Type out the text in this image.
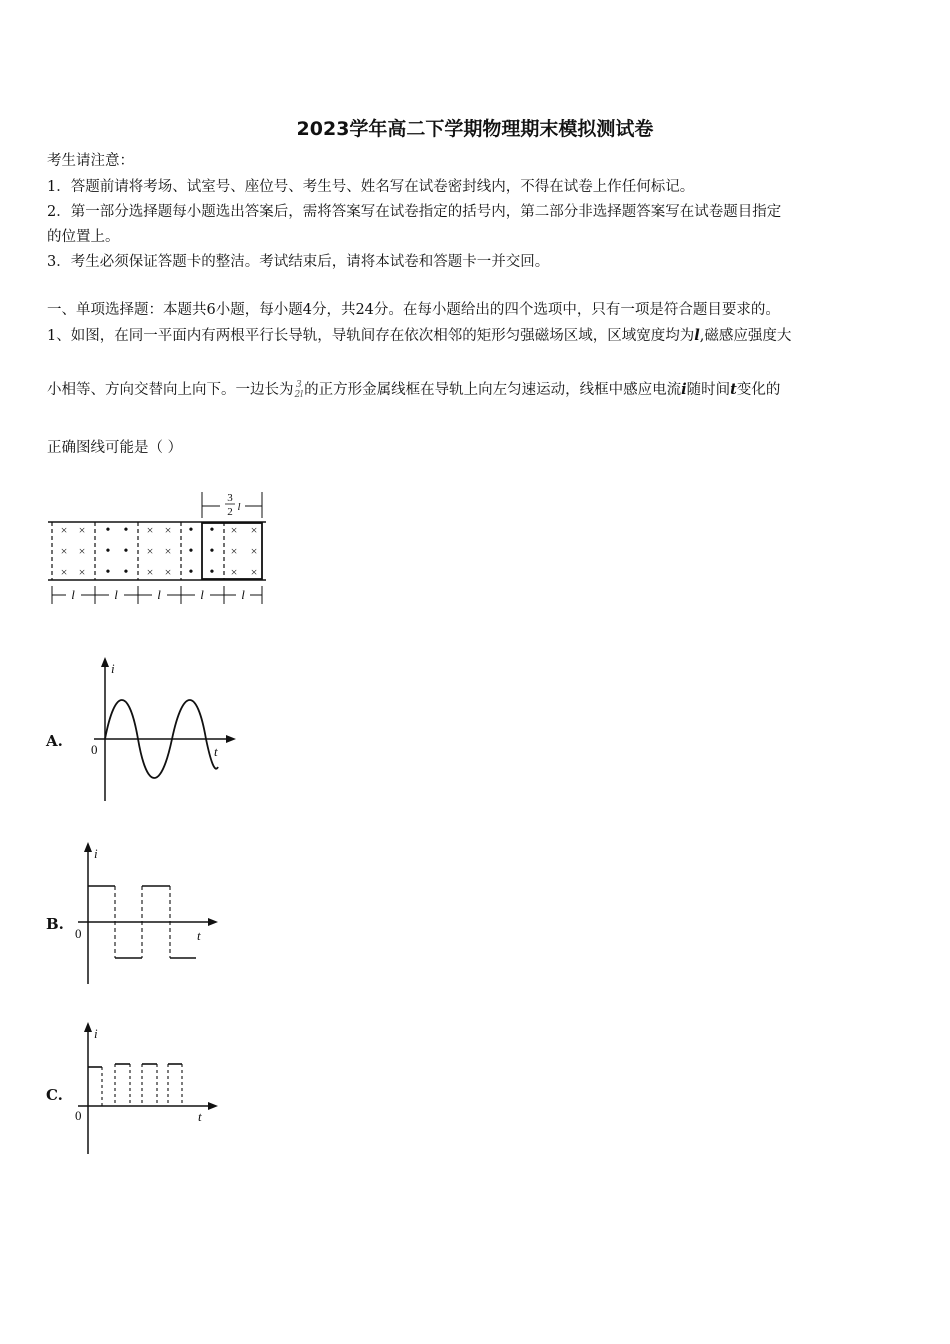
2023学年高二下学期物理期末模拟测试卷
考生请注意：
1．答题前请将考场、试室号、座位号、考生号、姓名写在试卷密封线内，不得在试卷上作任何标记。
2．第一部分选择题每小题选出答案后，需将答案写在试卷指定的括号内，第二部分非选择题答案写在试卷题目指定
的位置上。
3．考生必须保证答题卡的整洁。考试结束后，请将本试卷和答题卡一并交回。
一、单项选择题：本题共6小题，每小题4分，共24分。在每小题给出的四个选项中，只有一项是符合题目要求的。
1、如图，在同一平面内有两根平行长导轨，导轨间存在依次相邻的矩形匀强磁场区域，区域宽度均为l,磁感应强度大
小相等、方向交替向上向下。一边长为 3
2l 的正方形金属线框在导轨上向左匀速运动，线框中感应电流i随时间t变化的
正确图线可能是（ ）
× ×
× ×
× ×
× ×
× ×
× ×
× ×
× ×
× ×
• •
• •
• •
•
•
•
•
•
•
l	l	l	l	l
3
2 l
A.
i
t
0
B.
i
t
0
C.
i
t
0
